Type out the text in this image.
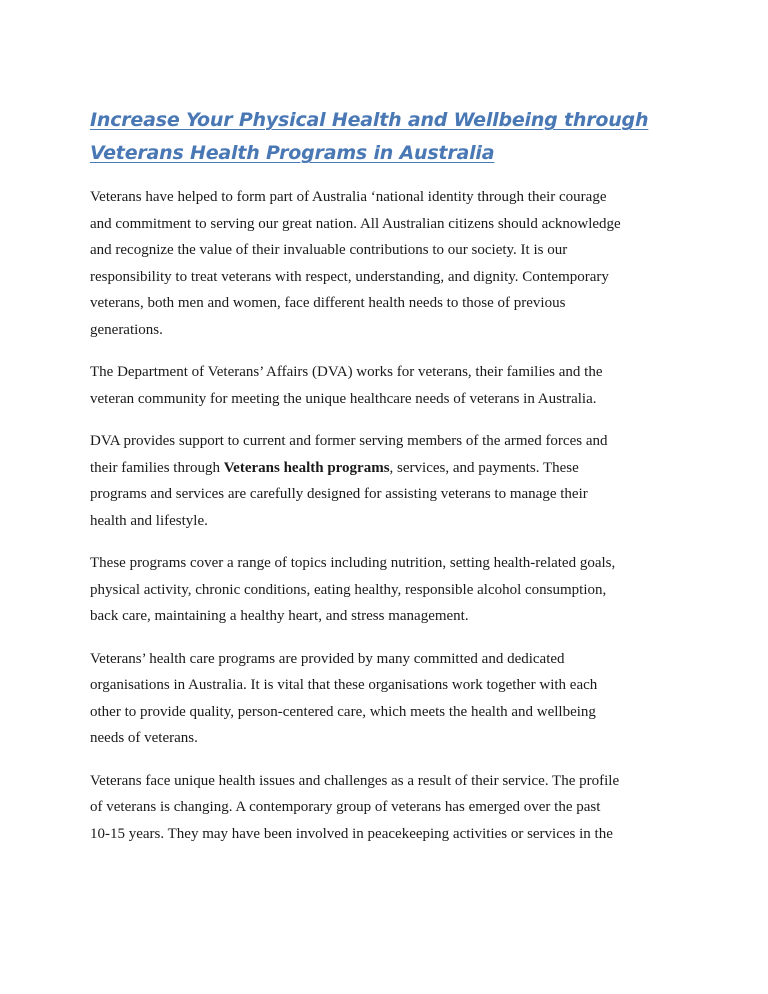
Increase Your Physical Health and Wellbeing through
Veterans Health Programs in Australia

Veterans have helped to form part of Australia ‘national identity through their courage
and commitment to serving our great nation. All Australian citizens should acknowledge
and recognize the value of their invaluable contributions to our society. It is our
responsibility to treat veterans with respect, understanding, and dignity. Contemporary
veterans, both men and women, face different health needs to those of previous
generations.

The Department of Veterans’ Affairs (DVA) works for veterans, their families and the
veteran community for meeting the unique healthcare needs of veterans in Australia.

DVA provides support to current and former serving members of the armed forces and
their families through Veterans health programs, services, and payments. These
programs and services are carefully designed for assisting veterans to manage their
health and lifestyle.

These programs cover a range of topics including nutrition, setting health-related goals,
physical activity, chronic conditions, eating healthy, responsible alcohol consumption,
back care, maintaining a healthy heart, and stress management.

Veterans’ health care programs are provided by many committed and dedicated
organisations in Australia. It is vital that these organisations work together with each
other to provide quality, person-centered care, which meets the health and wellbeing
needs of veterans.

Veterans face unique health issues and challenges as a result of their service. The profile
of veterans is changing. A contemporary group of veterans has emerged over the past
10-15 years. They may have been involved in peacekeeping activities or services in the
